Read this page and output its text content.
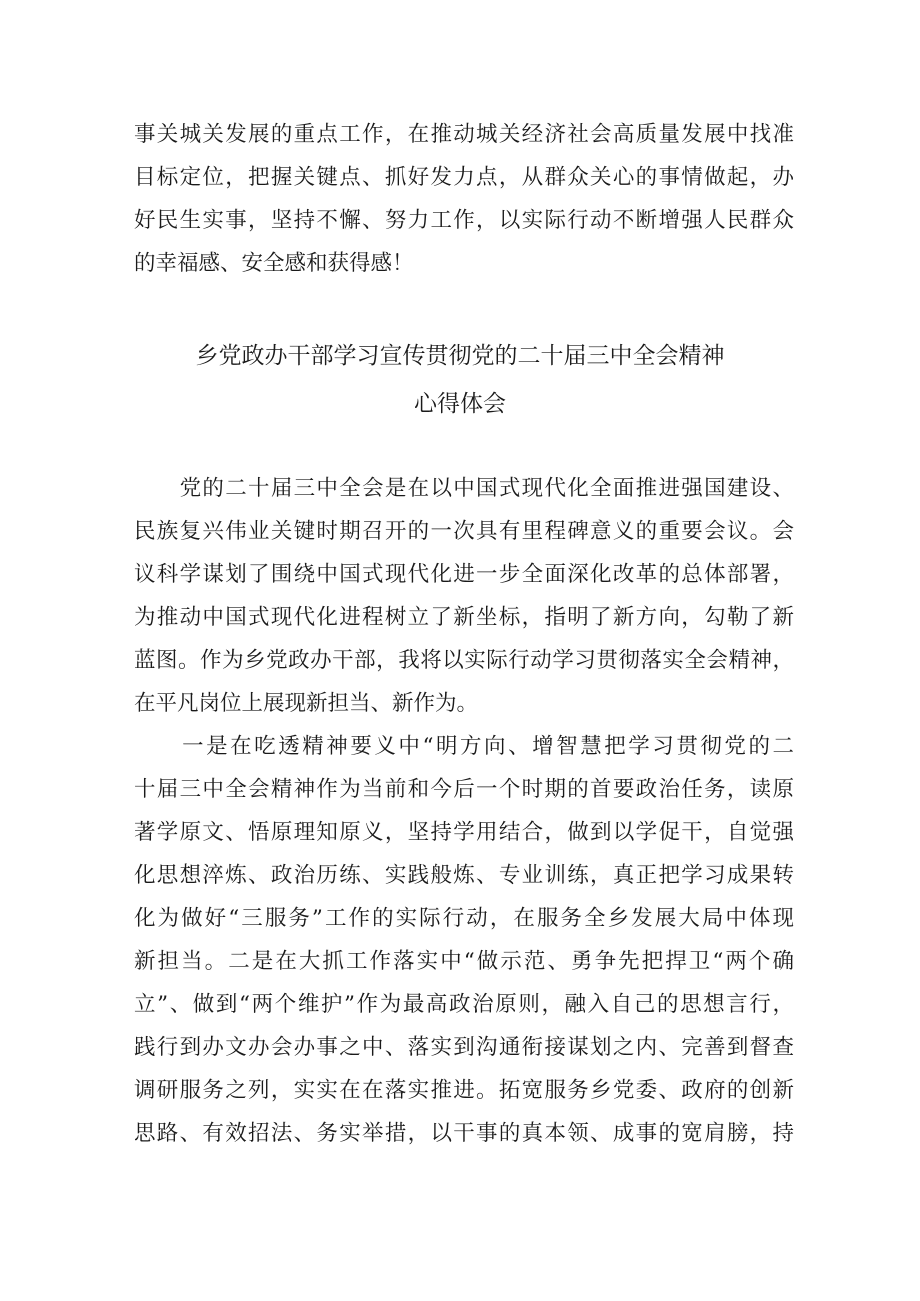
事关城关发展的重点工作，在推动城关经济社会高质量发展中找准
目标定位，把握关键点、抓好发力点，从群众关心的事情做起，办
好民生实事，坚持不懈、努力工作，以实际行动不断增强人民群众
的幸福感、安全感和获得感！
乡党政办干部学习宣传贯彻党的二十届三中全会精神
心得体会
　　党的二十届三中全会是在以中国式现代化全面推进强国建设、
民族复兴伟业关键时期召开的一次具有里程碑意义的重要会议。会
议科学谋划了围绕中国式现代化进一步全面深化改革的总体部署，
为推动中国式现代化进程树立了新坐标，指明了新方向，勾勒了新
蓝图。作为乡党政办干部，我将以实际行动学习贯彻落实全会精神，
在平凡岗位上展现新担当、新作为。
　　一是在吃透精神要义中“明方向、增智慧把学习贯彻党的二
十届三中全会精神作为当前和今后一个时期的首要政治任务，读原
著学原文、悟原理知原义，坚持学用结合，做到以学促干，自觉强
化思想淬炼、政治历练、实践般炼、专业训练，真正把学习成果转
化为做好“三服务”工作的实际行动，在服务全乡发展大局中体现
新担当。二是在大抓工作落实中“做示范、勇争先把捍卫“两个确
立”、做到“两个维护”作为最高政治原则，融入自己的思想言行，
践行到办文办会办事之中、落实到沟通衔接谋划之内、完善到督查
调研服务之列，实实在在落实推进。拓宽服务乡党委、政府的创新
思路、有效招法、务实举措，以干事的真本领、成事的宽肩膀，持
